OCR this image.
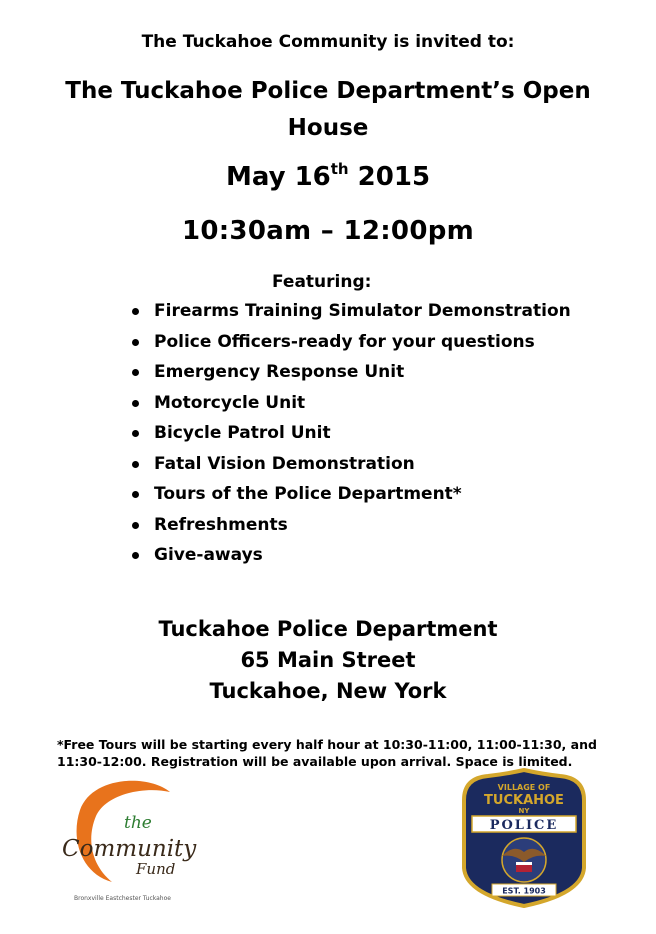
The Tuckahoe Community is invited to:
The Tuckahoe Police Department’s Open House
May 16th 2015
10:30am – 12:00pm
Featuring:
Firearms Training Simulator Demonstration
Police Officers-ready for your questions
Emergency Response Unit
Motorcycle Unit
Bicycle Patrol Unit
Fatal Vision Demonstration
Tours of the Police Department*
Refreshments
Give-aways
Tuckahoe Police Department
65 Main Street
Tuckahoe, New York
*Free Tours will be starting every half hour at 10:30-11:00, 11:00-11:30, and 11:30-12:00. Registration will be available upon arrival. Space is limited.
the
Community
Fund
Bronxville Eastchester Tuckahoe
VILLAGE OF
TUCKAHOE
NY
POLICE
EST. 1903
